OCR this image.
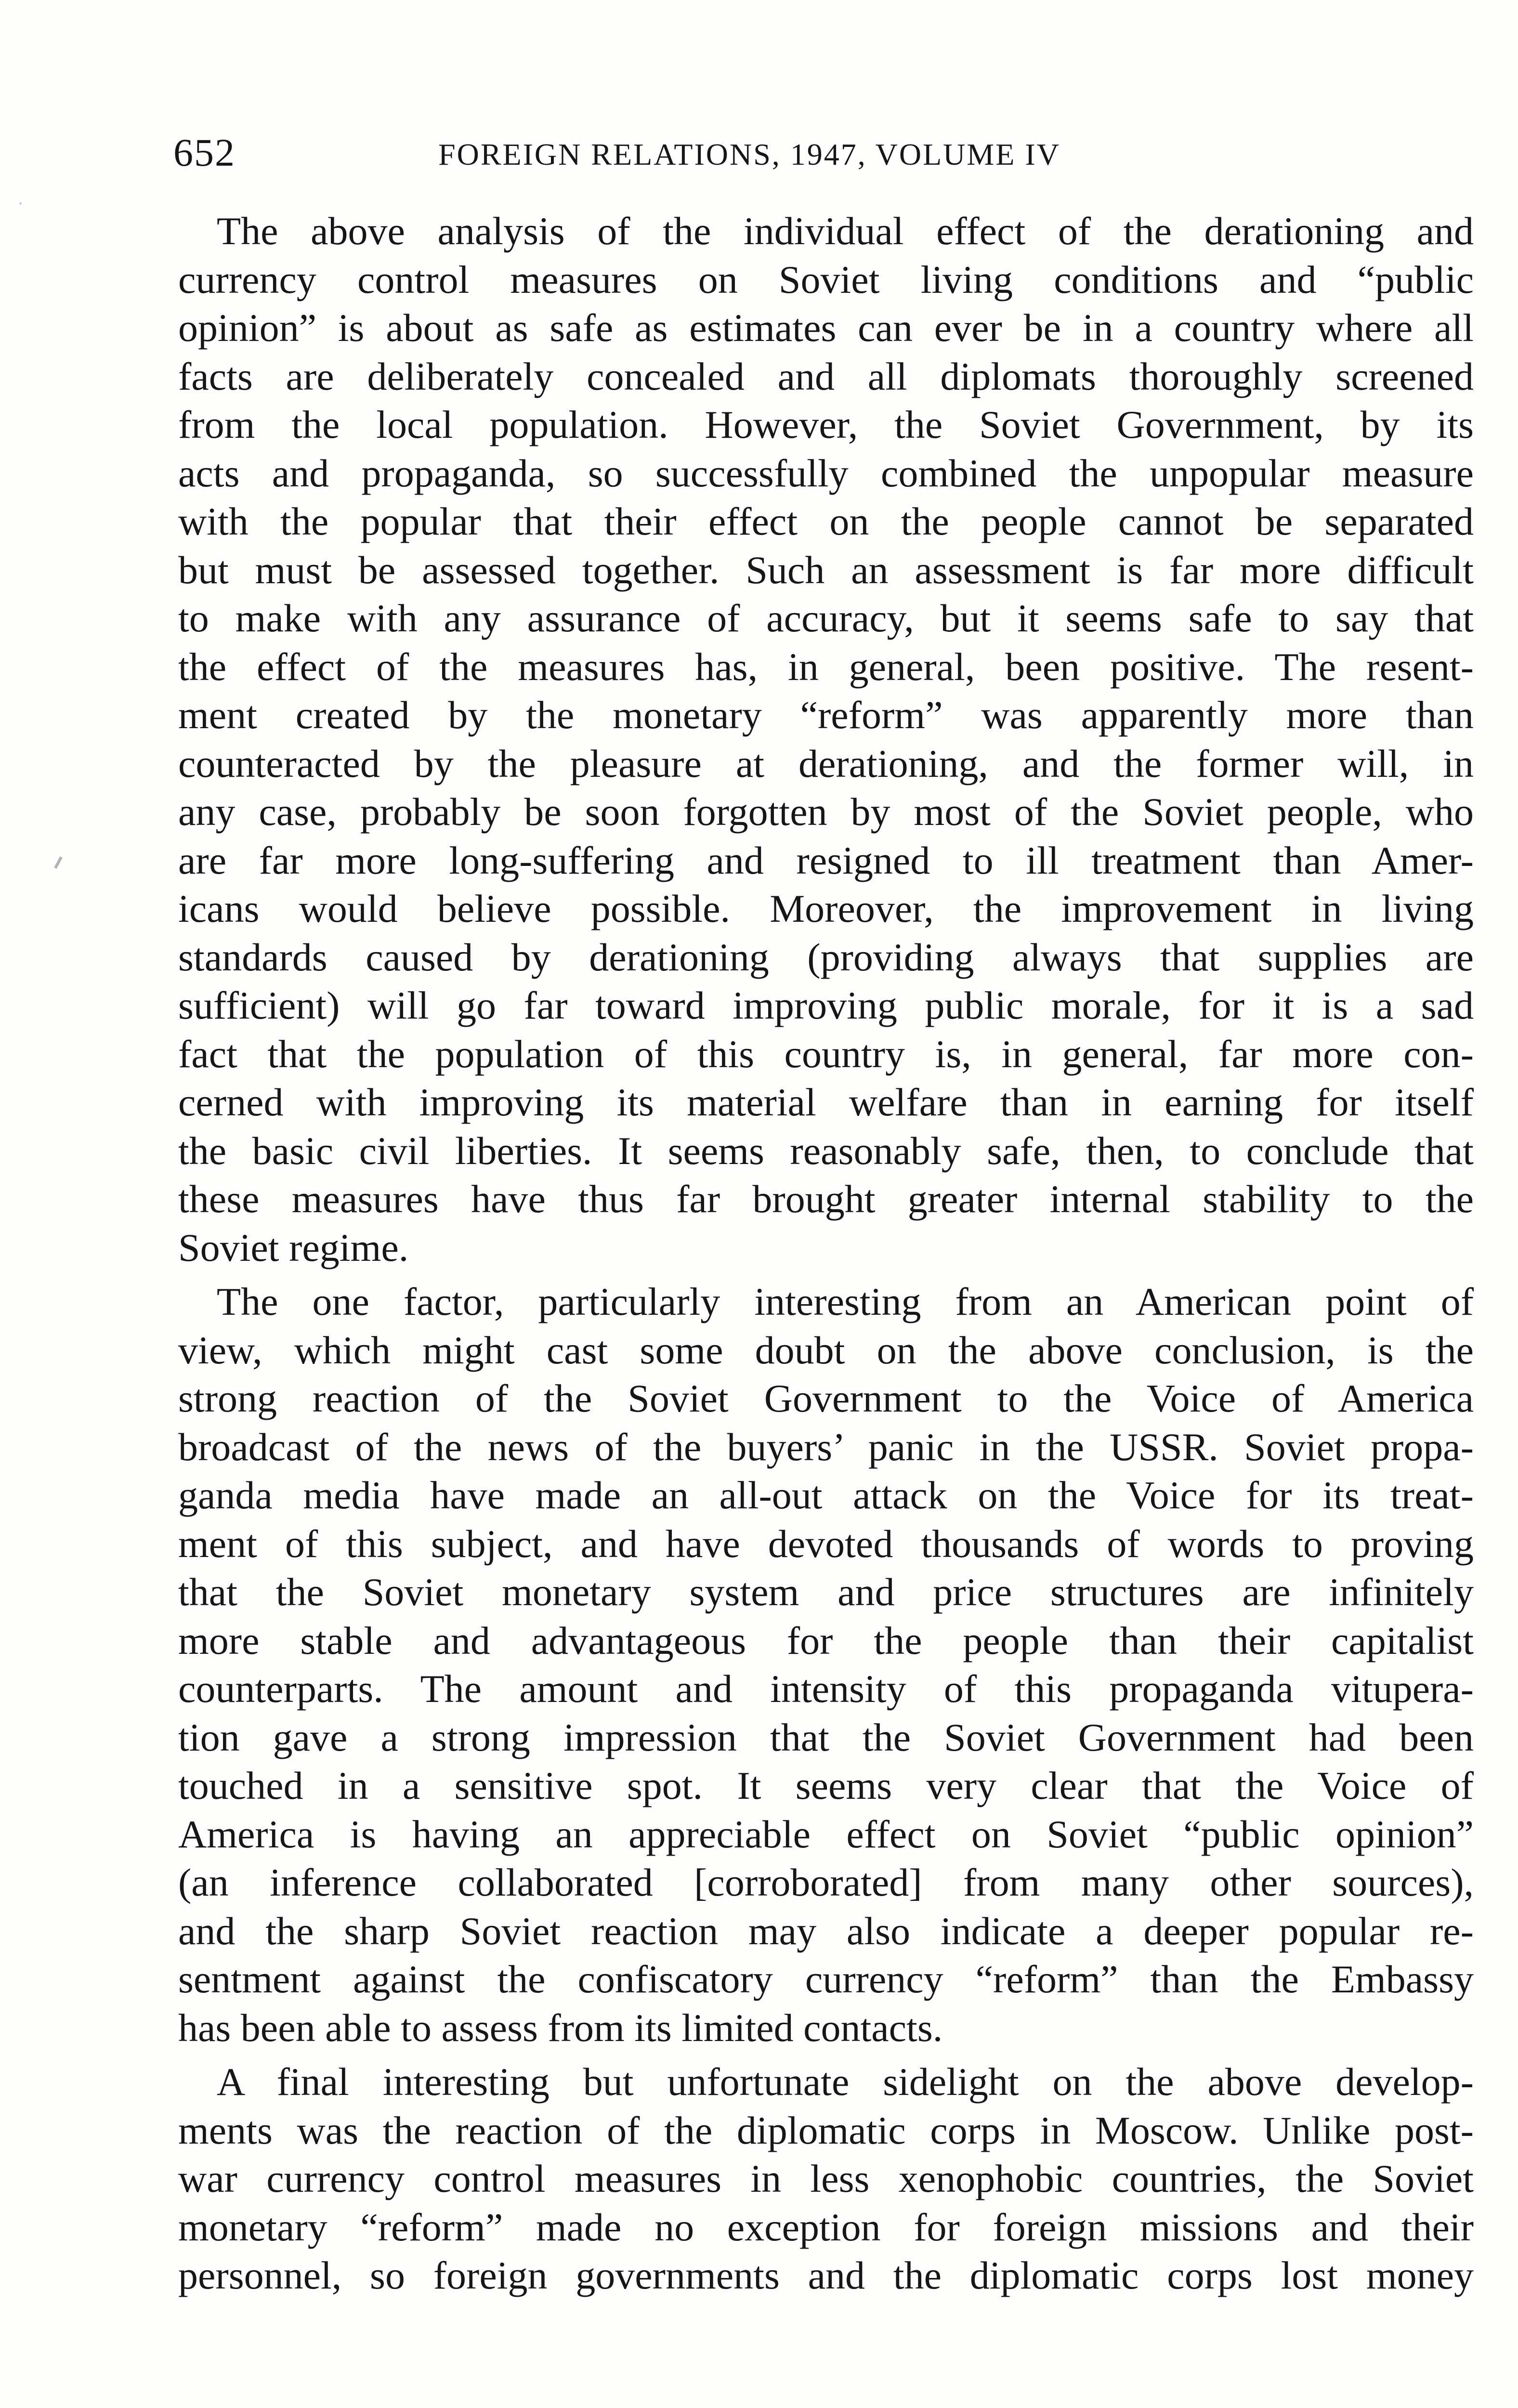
652	FOREIGN RELATIONS, 1947, VOLUME IV
The above analysis of the individual effect of the derationing and
currency control measures on Soviet living conditions and “public
opinion” is about as safe as estimates can ever be in a country where all
facts are deliberately concealed and all diplomats thoroughly screened
from the local population. However, the Soviet Government, by its
acts and propaganda, so successfully combined the unpopular measure
with the popular that their effect on the people cannot be separated
but must be assessed together. Such an assessment is far more difficult
to make with any assurance of accuracy, but it seems safe to say that
the effect of the measures has, in general, been positive. The resent-
ment created by the monetary “reform” was apparently more than
counteracted by the pleasure at derationing, and the former will, in
any case, probably be soon forgotten by most of the Soviet people, who
are far more long-suffering and resigned to ill treatment than Amer-
icans would believe possible. Moreover, the improvement in living
standards caused by derationing (providing always that supplies are
sufficient) will go far toward improving public morale, for it is a sad
fact that the population of this country is, in general, far more con-
cerned with improving its material welfare than in earning for itself
the basic civil liberties. It seems reasonably safe, then, to conclude that
these measures have thus far brought greater internal stability to the
Soviet regime.
The one factor, particularly interesting from an American point of
view, which might cast some doubt on the above conclusion, is the
strong reaction of the Soviet Government to the Voice of America
broadcast of the news of the buyers’ panic in the USSR. Soviet propa-
ganda media have made an all-out attack on the Voice for its treat-
ment of this subject, and have devoted thousands of words to proving
that the Soviet monetary system and price structures are infinitely
more stable and advantageous for the people than their capitalist
counterparts. The amount and intensity of this propaganda vitupera-
tion gave a strong impression that the Soviet Government had been
touched in a sensitive spot. It seems very clear that the Voice of
America is having an appreciable effect on Soviet “public opinion”
(an inference collaborated [corroborated] from many other sources),
and the sharp Soviet reaction may also indicate a deeper popular re-
sentment against the confiscatory currency “reform” than the Embassy
has been able to assess from its limited contacts.
A final interesting but unfortunate sidelight on the above develop-
ments was the reaction of the diplomatic corps in Moscow. Unlike post-
war currency control measures in less xenophobic countries, the Soviet
monetary “reform” made no exception for foreign missions and their
personnel, so foreign governments and the diplomatic corps lost money
